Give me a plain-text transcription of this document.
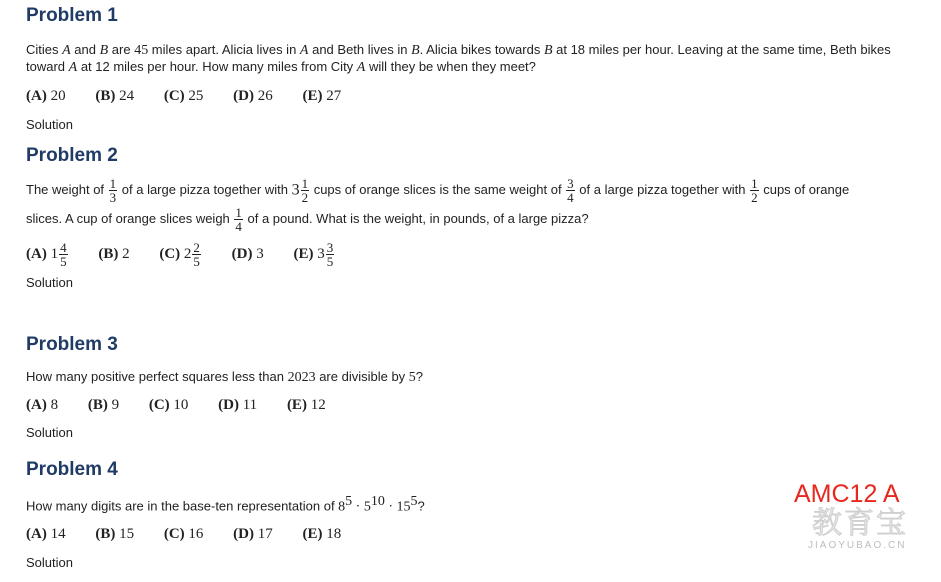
Problem 1

Cities A and B are 45 miles apart. Alicia lives in A and Beth lives in B. Alicia bikes towards B at 18 miles per hour. Leaving at the same time, Beth bikes toward A at 12 miles per hour. How many miles from City A will they be when they meet?

(A) 20 (B) 24 (C) 25 (D) 26 (E) 27

Solution

Problem 2

The weight of $\frac{1}{3}$ of a large pizza together with $3 \frac{1}{2}$ cups of orange slices is the same weight of $\frac{3}{4}$ of a large pizza together with $\frac{1}{2}$ cups of orange

slices. A cup of orange slices weigh $\frac{1}{4}$ of a pound. What is the weight, in pounds, of a large pizza?

(A) $1 \frac{4}{5} (B)$ 2 (C) $2 \frac{2}{5} (D)$ 3 (E) $3 \frac{3}{5}$

Solution

Problem 3

How many positive perfect squares less than 2023 are divisible by 5?

(A) 8 (B) 9 (C) 10 (D) 11 (E) 12

Solution

Problem 4

How many digits are in the base-ten representation of $8^5 \cdot 5^{10} \cdot 15^5$?

(A) 14 (B) 15 (C) 16 (D) 17 (E) 18

Solution

AMC12 A
教育宝
JIAOYUBAO.CN
